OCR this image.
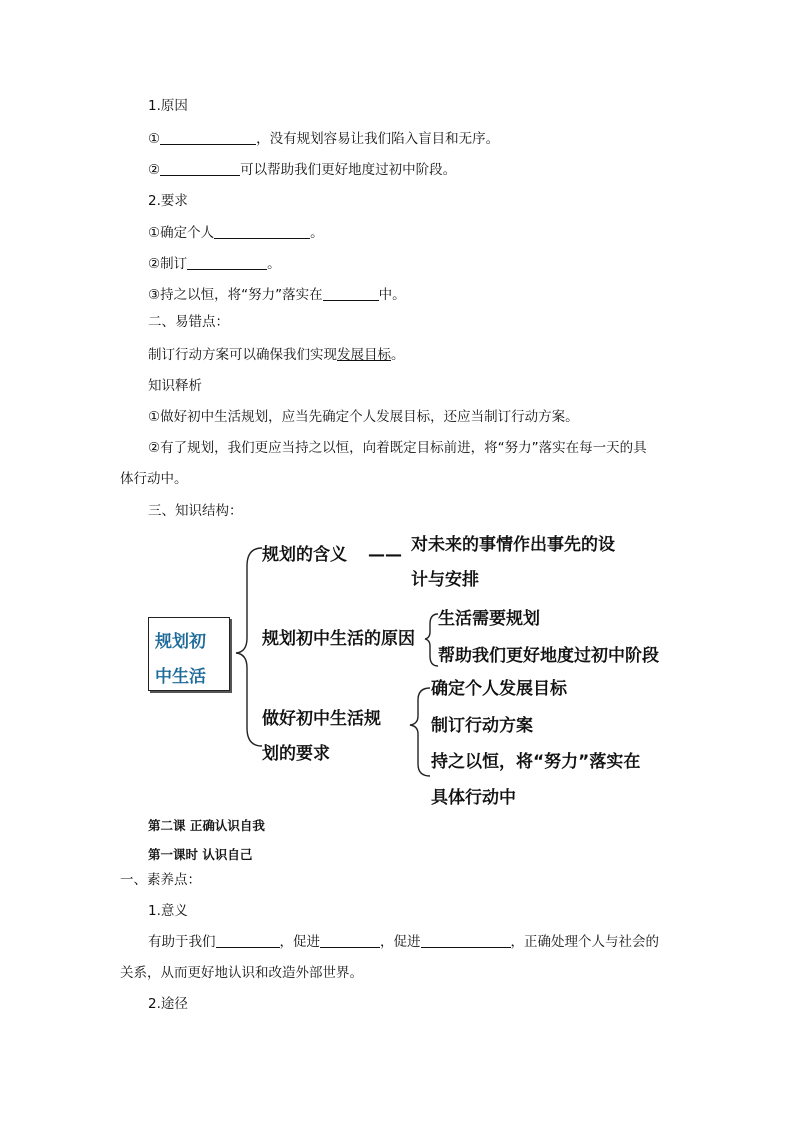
1.原因
①	，没有规划容易让我们陷入盲目和无序。
②	可以帮助我们更好地度过初中阶段。
2.要求
①确定个人	。
②制订	。
③持之以恒，将“努力”落实在	中。
二、易错点：
制订行动方案可以确保我们实现发展目标。
知识释析
①做好初中生活规划，应当先确定个人发展目标，还应当制订行动方案。
②有了规划，我们更应当持之以恒，向着既定目标前进，将“努力”落实在每一天的具
体行动中。
三、知识结构：
规划初
中生活
规划的含义 —— 对未来的事情作出事先的设
计与安排
规划初中生活的原因
生活需要规划
帮助我们更好地度过初中阶段
做好初中生活规
划的要求
确定个人发展目标
制订行动方案
持之以恒，将“努力”落实在
具体行动中
第二课 正确认识自我
第一课时 认识自己
一、素养点：
1.意义
有助于我们	，促进	，促进	，正确处理个人与社会的
关系，从而更好地认识和改造外部世界。
2.途径
